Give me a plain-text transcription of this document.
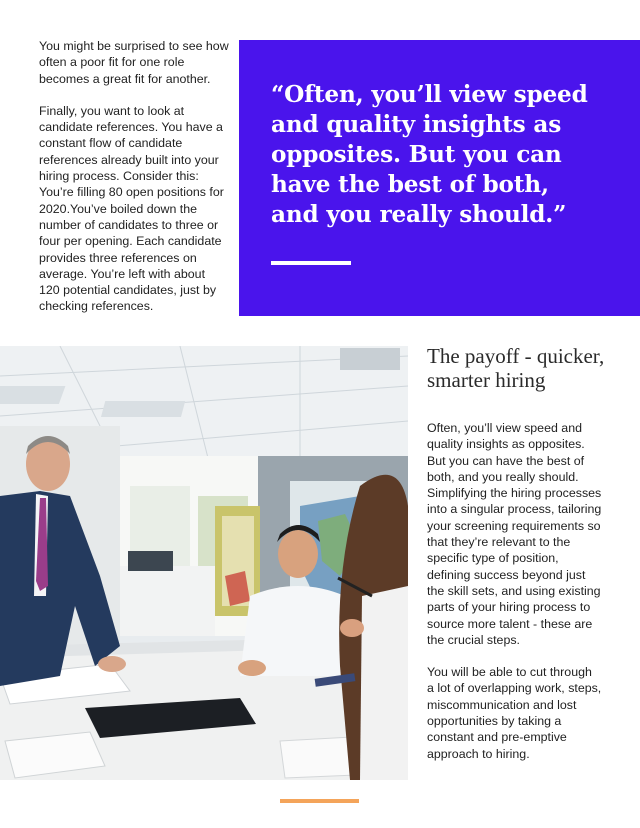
You might be surprised to see how often a poor fit for one role becomes a great fit for another.

Finally, you want to look at candidate references. You have a constant flow of candidate references already built into your hiring process. Consider this: You’re filling 80 open positions for 2020.You’ve boiled down the number of candidates to three or four per opening. Each candidate provides three references on average. You’re left with about 120 potential candidates, just by checking references.

“Often, you’ll view speed and quality insights as opposites. But you can have the best of both, and you really should.”
The payoff - quicker, smarter hiring

Often, you’ll view speed and quality insights as opposites. But you can have the best of both, and you really should. Simplifying the hiring processes into a singular process, tailoring your screening requirements so that they’re relevant to the specific type of position, defining success beyond just the skill sets, and using existing parts of your hiring process to source more talent - these are the crucial steps.

You will be able to cut through a lot of overlapping work, steps, miscommunication and lost opportunities by taking a constant and pre-emptive approach to hiring.
